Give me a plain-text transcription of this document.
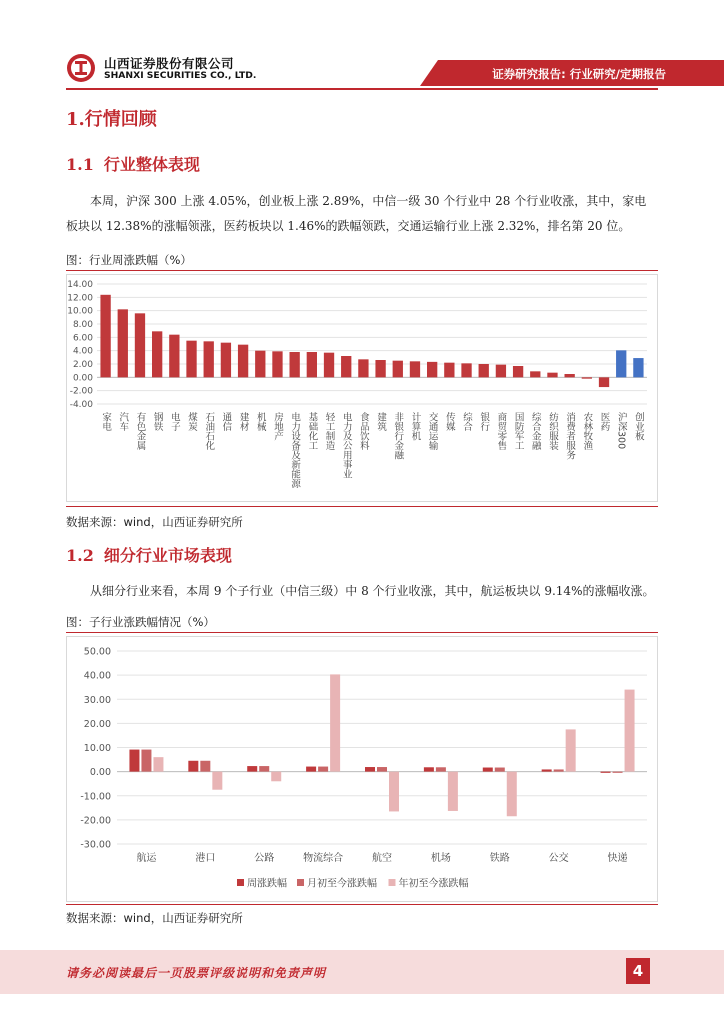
山西证券股份有限公司
SHANXI SECURITIES CO., LTD.	证券研究报告: 行业研究/定期报告
1.行情回顾
1.1 行业整体表现
本周，沪深 300 上涨 4.05%，创业板上涨 2.89%，中信一级 30 个行业中 28 个行业收涨，其中，家电板块以 12.38%的涨幅领涨，医药板块以 1.46%的跌幅领跌，交通运输行业上涨 2.32%，排名第 20 位。
图：行业周涨跌幅（%）
14.00
12.00
10.00
8.00
6.00
4.00
2.00
0.00
-2.00
-4.00
家电 汽车 有色金属 钢铁 电子 煤炭 石油石化 通信 建材 机械 房地产 电力设备及新能源 基础化工 轻工制造 电力及公用事业 食品饮料 建筑 非银行金融 计算机 交通运输 传媒 综合 银行 商贸零售 国防军工 综合金融 纺织服装 消费者服务 农林牧渔 医药 沪深300 创业板
数据来源：wind，山西证券研究所
1.2 细分行业市场表现
从细分行业来看，本周 9 个子行业（中信三级）中 8 个行业收涨，其中，航运板块以 9.14%的涨幅收涨。
图：子行业涨跌幅情况（%）
50.00
40.00
30.00
20.00
10.00
0.00
-10.00
-20.00
-30.00
航运	港口	公路	物流综合	航空	机场	铁路	公交	快递
周涨跌幅 月初至今涨跌幅 年初至今涨跌幅
数据来源：wind，山西证券研究所
请务必阅读最后一页股票评级说明和免责声明	4
